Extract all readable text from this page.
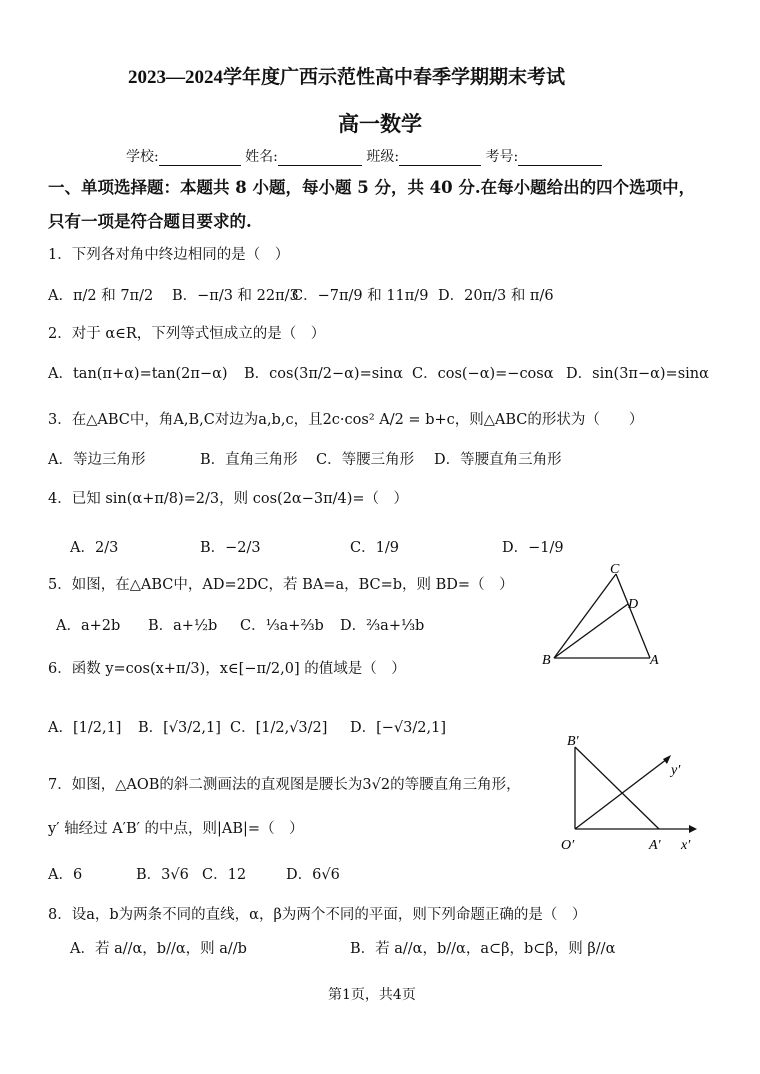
2023—2024学年度广西示范性高中春季学期期末考试
高一数学
学校:	姓名:	班级:	考号:
一、单项选择题：本题共 8 小题，每小题 5 分，共 40 分.在每小题给出的四个选项中，
只有一项是符合题目要求的.
1．下列各对角中终边相同的是（　）
A．π/2 和 7π/2 B．−π/3 和 22π/3
C．−7π/9 和 11π/9 D．20π/3 和 π/6
2．对于 α∈R，下列等式恒成立的是（　）
A．tan(π+α)=tan(2π−α) B．cos(3π/2−α)=sinα C．cos(−α)=−cosα D．sin(3π−α)=sinα
3．在△ABC中，角A,B,C对边为a,b,c，且2c·cos² A/2 = b+c，则△ABC的形状为（　　）
A．等边三角形	B．直角三角形 C．等腰三角形 D．等腰直角三角形
4．已知 sin(α+π/8)=2/3，则 cos(2α−3π/4)=（　）
A．2/3	B．−2/3	C．1/9	D．−1/9
5．如图，在△ABC中，AD=2DC，若 BA=a，BC=b，则 BD=（　）
A．a+2b B．a+½b C．⅓a+⅔b D．⅔a+⅓b
C
D
B	A
6．函数 y=cos(x+π/3)，x∈[−π/2,0] 的值域是（　）
A．[1/2,1] B．[√3/2,1] C．[1/2,√3/2] D．[−√3/2,1]
B′
y′
O′	A′ x′
7．如图，△AOB的斜二测画法的直观图是腰长为3√2的等腰直角三角形，
y′ 轴经过 A′B′ 的中点，则|AB|=（　）
A．6	B．3√6 C．12	D．6√6
8．设a，b为两条不同的直线，α，β为两个不同的平面，则下列命题正确的是（　）
A．若 a//α，b//α，则 a//b	B．若 a//α，b//α，a⊂β，b⊂β，则 β//α
第1页，共4页
